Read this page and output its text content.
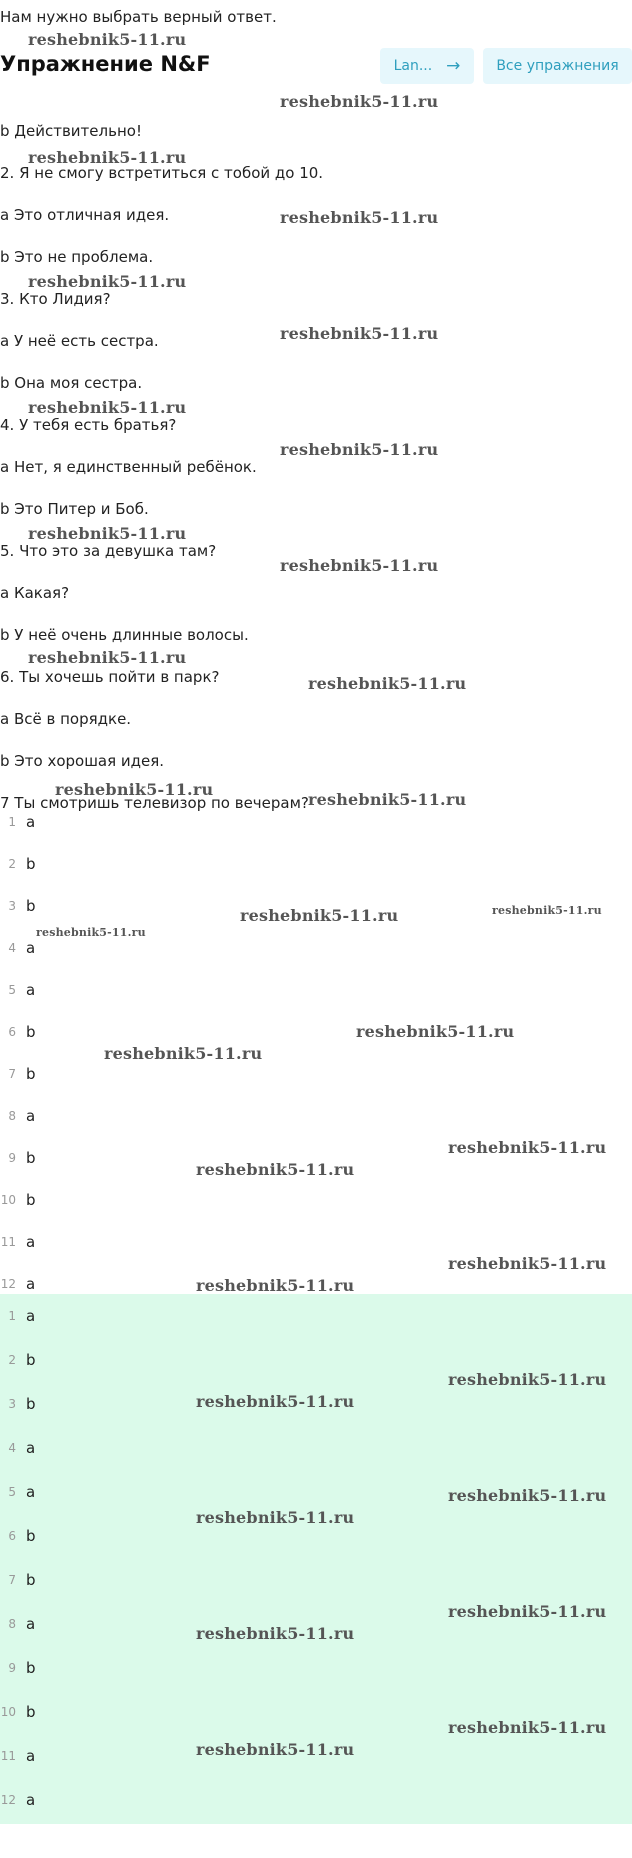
Нам нужно выбрать верный ответ.
Упражнение N&F	Lan... →	Все упражнения
b Действительно!
2. Я не смогу встретиться с тобой до 10.
a Это отличная идея.
b Это не проблема.
3. Кто Лидия?
a У неё есть сестра.
b Она моя сестра.
4. У тебя есть братья?
a Нет, я единственный ребёнок.
b Это Питер и Боб.
5. Что это за девушка там?
a Какая?
b У неё очень длинные волосы.
6. Ты хочешь пойти в парк?
a Всё в порядке.
b Это хорошая идея.
7 Ты смотришь телевизор по вечерам?
1 a
2 b
3 b
4 a
5 a
6 b
7 b
8 a
9 b
10 b
11 a
12 a
1 a
2 b
3 b
4 a
5 a
6 b
7 b
8 a
9 b
10 b
11 a
12 a
reshebnik5-11.ru
reshebnik5-11.ru
reshebnik5-11.ru
reshebnik5-11.ru
reshebnik5-11.ru
reshebnik5-11.ru
reshebnik5-11.ru
reshebnik5-11.ru
reshebnik5-11.ru
reshebnik5-11.ru
reshebnik5-11.ru
reshebnik5-11.ru
reshebnik5-11.ru
reshebnik5-11.ru
reshebnik5-11.ru	reshebnik5-11.ru
reshebnik5-11.ru
reshebnik5-11.ru
reshebnik5-11.ru
reshebnik5-11.ru
reshebnik5-11.ru
reshebnik5-11.ru
reshebnik5-11.ru
reshebnik5-11.ru
reshebnik5-11.ru
reshebnik5-11.ru
reshebnik5-11.ru
reshebnik5-11.ru
reshebnik5-11.ru
reshebnik5-11.ru
reshebnik5-11.ru
